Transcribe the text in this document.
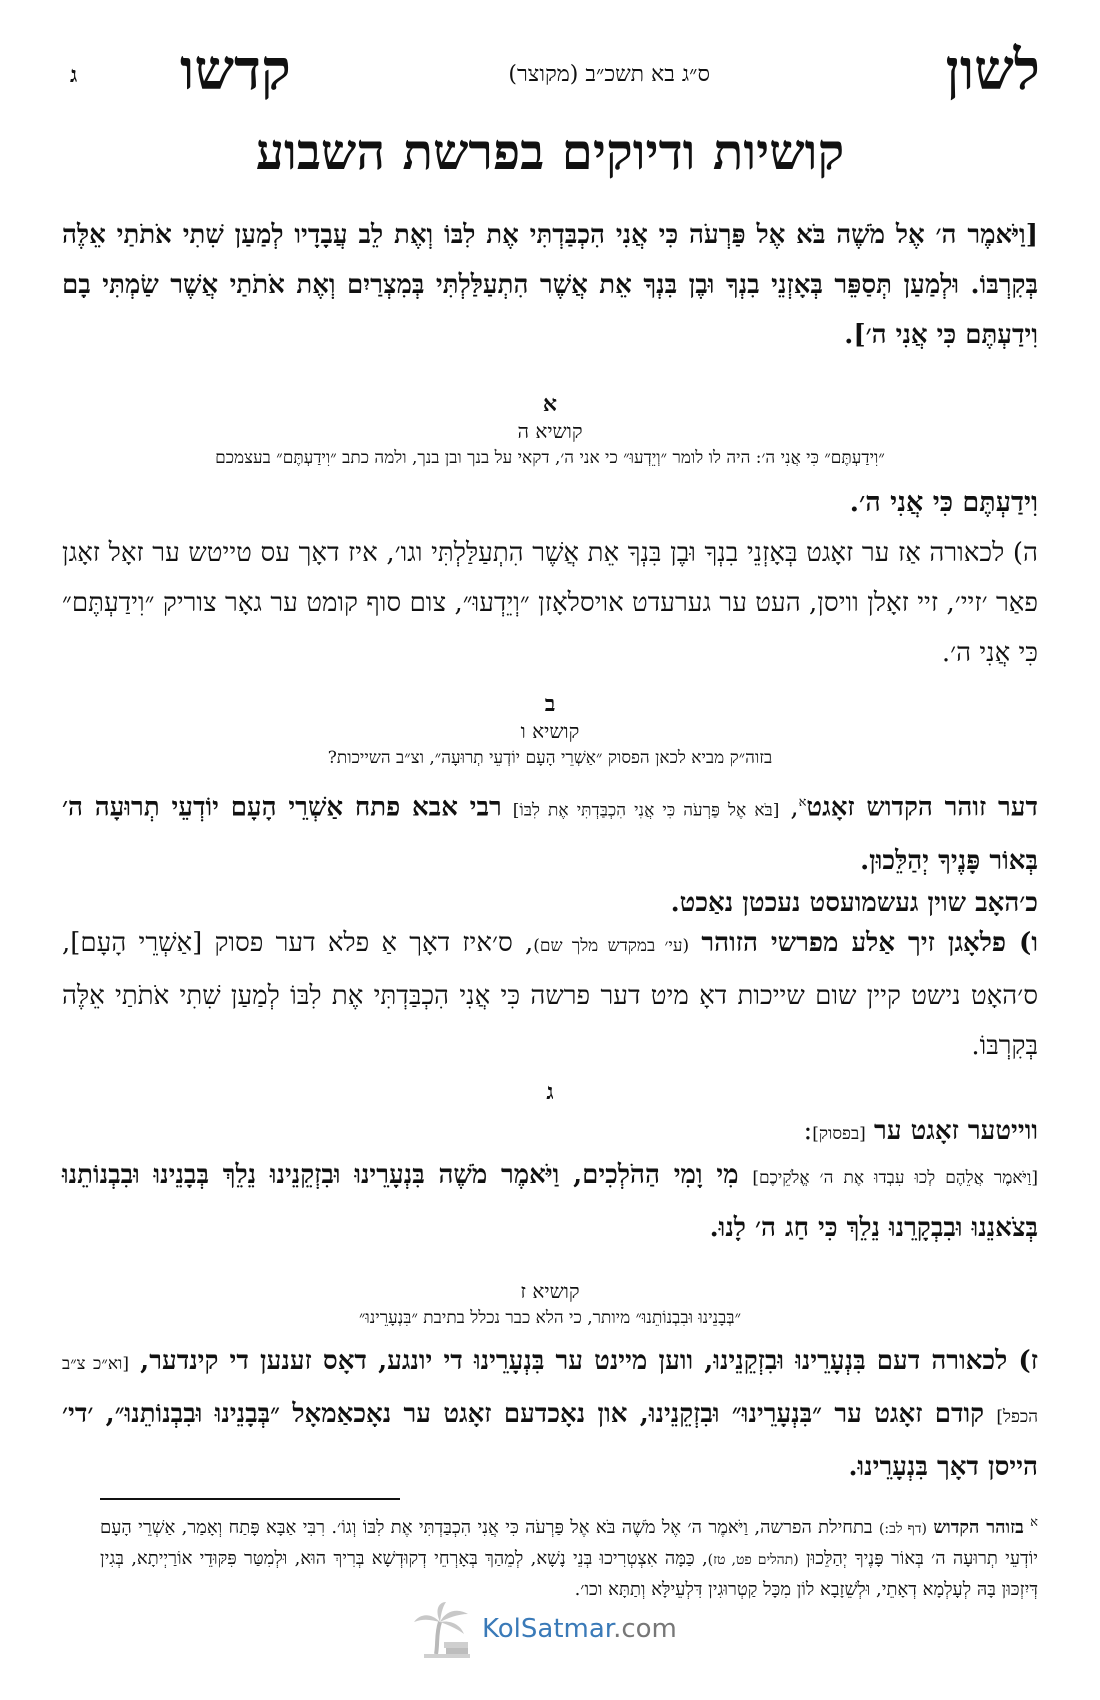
לשון
ס״ג בא תשכ״ב (מקוצר)
קדשו
ג
קושיות ודיוקים בפרשת השבוע
[וַיֹּאמֶר ה׳ אֶל מֹשֶׁה בֹּא אֶל פַּרְעֹה כִּי אֲנִי הִכְבַּדְתִּי אֶת לִבּוֹ וְאֶת לֵב עֲבָדָיו לְמַעַן שִׁתִי אֹתֹתַי אֵלֶּה בְּקִרְבּוֹ. וּלְמַעַן תְּסַפֵּר בְּאָזְנֵי בִנְךָ וּבֶן בִּנְךָ אֵת אֲשֶׁר הִתְעַלַּלְתִּי בְּמִצְרַיִם וְאֶת אֹתֹתַי אֲשֶׁר שַׂמְתִּי בָם וִידַעְתֶּם כִּי אֲנִי ה׳].
א
קושיא ה
״וִידַעְתֶּם״ כִּי אֲנִי ה׳: היה לו לומר ״וְיֵדְעוּ״ כי אני ה׳, דקאי על בנך ובן בנך, ולמה כתב ״וִידַעְתֶּם״ בעצמכם
וִידַעְתֶּם כִּי אֲנִי ה׳.
ה) לכאורה אַז ער זאָגט בְּאָזְנֵי בִנְךָ וּבֶן בִּנְךָ אֵת אֲשֶׁר הִתְעַלַּלְתִּי וגו׳, איז דאָך עס טייטש ער זאָל זאָגן פאַר ׳זיי׳, זיי זאָלן וויסן, העט ער גערעדט אויסלאָזן ״וְיֵדְעוּ״, צום סוף קומט ער גאָר צוריק ״וִידַעְתֶּם״ כִּי אֲנִי ה׳.
ב
קושיא ו
בזוה״ק מביא לכאן הפסוק ״אַשְׁרֵי הָעָם יוֹדְעֵי תְרוּעָה״, וצ״ב השייכות?
דער זוהר הקדוש זאָגט$^א$, [בֹּא אֶל פַּרְעֹה כִּי אֲנִי הִכְבַּדְתִּי אֶת לִבּוֹ] רבי אבא פתח אַשְׁרֵי הָעָם יוֹדְעֵי תְרוּעָה ה׳ בְּאוֹר פָּנֶיךָ יְהַלֵּכוּן.
כ׳האָב שוין געשמועסט נעכטן נאַכט.
ו) פלאָגן זיך אַלע מפרשי הזוהר (עי׳ במקדש מלך שם), ס׳איז דאָך אַ פלא דער פסוק [אַשְׁרֵי הָעָם], ס׳האָט נישט קיין שום שייכות דאָ מיט דער פרשה כִּי אֲנִי הִכְבַּדְתִּי אֶת לִבּוֹ לְמַעַן שִׁתִי אֹתֹתַי אֵלֶּה בְּקִרְבּוֹ.
ג
ווייטער זאָגט ער [בפסוק]:
[וַיֹּאמֶר אֲלֵהֶם לְכוּ עִבְדוּ אֶת ה׳ אֱלֹקֵיכֶם] מִי וָמִי הַהֹלְכִים, וַיֹּאמֶר מֹשֶׁה בִּנְעָרֵינוּ וּבִזְקֵנֵינוּ נֵלֵךְ בְּבָנֵינוּ וּבִבְנוֹתֵנוּ בְּצֹאנֵנוּ וּבִבְקָרֵנוּ נֵלֵךְ כִּי חַג ה׳ לָנוּ.
קושיא ז
״בְּבָנֵינוּ וּבִבְנוֹתֵנוּ״ מיותר, כי הלא כבר נכלל בתיבת ״בִּנְעָרֵינוּ״
ז) לכאורה דעם בִּנְעָרֵינוּ וּבִזְקֵנֵינוּ, ווען מיינט ער בִּנְעָרֵינוּ די יונגע, דאָס זענען די קינדער, [וא״כ צ״ב הכפל] קודם זאָגט ער ״בִּנְעָרֵינוּ״ וּבִזְקֵנֵינוּ, און נאָכדעם זאָגט ער נאָכאַמאָל ״בְּבָנֵינוּ וּבִבְנוֹתֵנוּ״, ׳די׳ הייסן דאָך בִּנְעָרֵינוּ.
$^א$ בזוהר הקדוש (דף לב:) בתחילת הפרשה, וַיֹּאמֶר ה׳ אֶל מֹשֶׁה בֹּא אֶל פַּרְעֹה כִּי אֲנִי הִכְבַּדְתִּי אֶת לִבּוֹ וְגוֹ׳. רִבִּי אַבָּא פָּתַח וְאָמַר, אַשְׁרֵי הָעָם יוֹדְעֵי תְרוּעָה ה׳ בְּאוֹר פָּנֶיךָ יְהַלֵּכוּן (תהלים פט, טז), כַּמָּה אִצְטְרִיכוּ בְּנֵי נָשָׁא, לְמֵהַךְ בְּאָרְחֵי דְקוּדְשָׁא בְּרִיךְ הוּא, וּלְמִטַּר פִּקּוּדֵי אוֹרַיְיתָא, בְּגִין דְּיִזְכּוּן בָּהּ לְעָלְמָא דְאָתֵי, וּלְשֵׁזָבָא לוֹן מִכָּל קַטְרוּגִין דִּלְעֵילָּא וְתַתָּא וכו׳.
KolSatmar.com
